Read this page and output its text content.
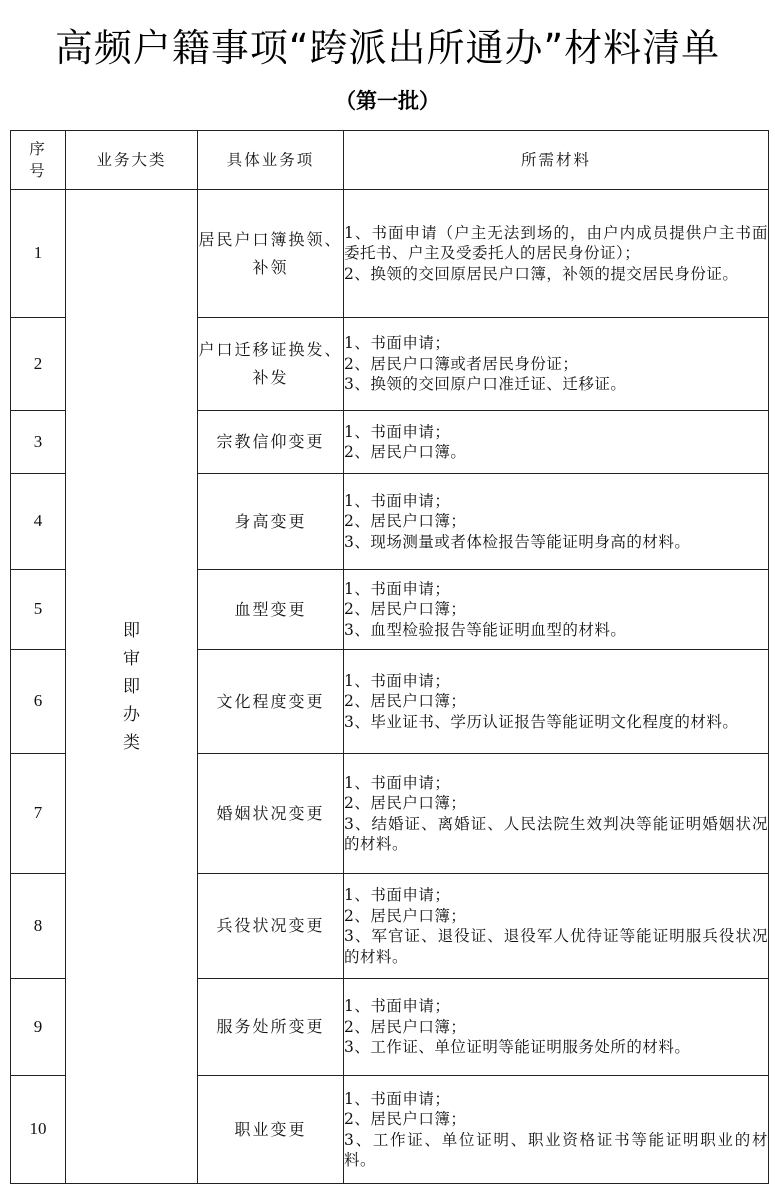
高频户籍事项“跨派出所通办”材料清单
（第一批）
序号	业务大类	具体业务项	所需材料
1	即审即办类	居民户口簿换领、补领	1、书面申请（户主无法到场的，由户内成员提供户主书面委托书、户主及受委托人的居民身份证）；
2、换领的交回原居民户口簿，补领的提交居民身份证。

2		户口迁移证换发、补发	1、书面申请；
2、居民户口簿或者居民身份证；
3、换领的交回原户口准迁证、迁移证。

3		宗教信仰变更	1、书面申请；
2、居民户口簿。

4		身高变更	1、书面申请；
2、居民户口簿；
3、现场测量或者体检报告等能证明身高的材料。

5		血型变更	1、书面申请；
2、居民户口簿；
3、血型检验报告等能证明血型的材料。

6		文化程度变更	1、书面申请；
2、居民户口簿；
3、毕业证书、学历认证报告等能证明文化程度的材料。

7		婚姻状况变更	1、书面申请；
2、居民户口簿；
3、结婚证、离婚证、人民法院生效判决等能证明婚姻状况的材料。

8		兵役状况变更	1、书面申请；
2、居民户口簿；
3、军官证、退役证、退役军人优待证等能证明服兵役状况的材料。

9		服务处所变更	1、书面申请；
2、居民户口簿；
3、工作证、单位证明等能证明服务处所的材料。

10		职业变更	1、书面申请；
2、居民户口簿；
3、工作证、单位证明、职业资格证书等能证明职业的材料。
